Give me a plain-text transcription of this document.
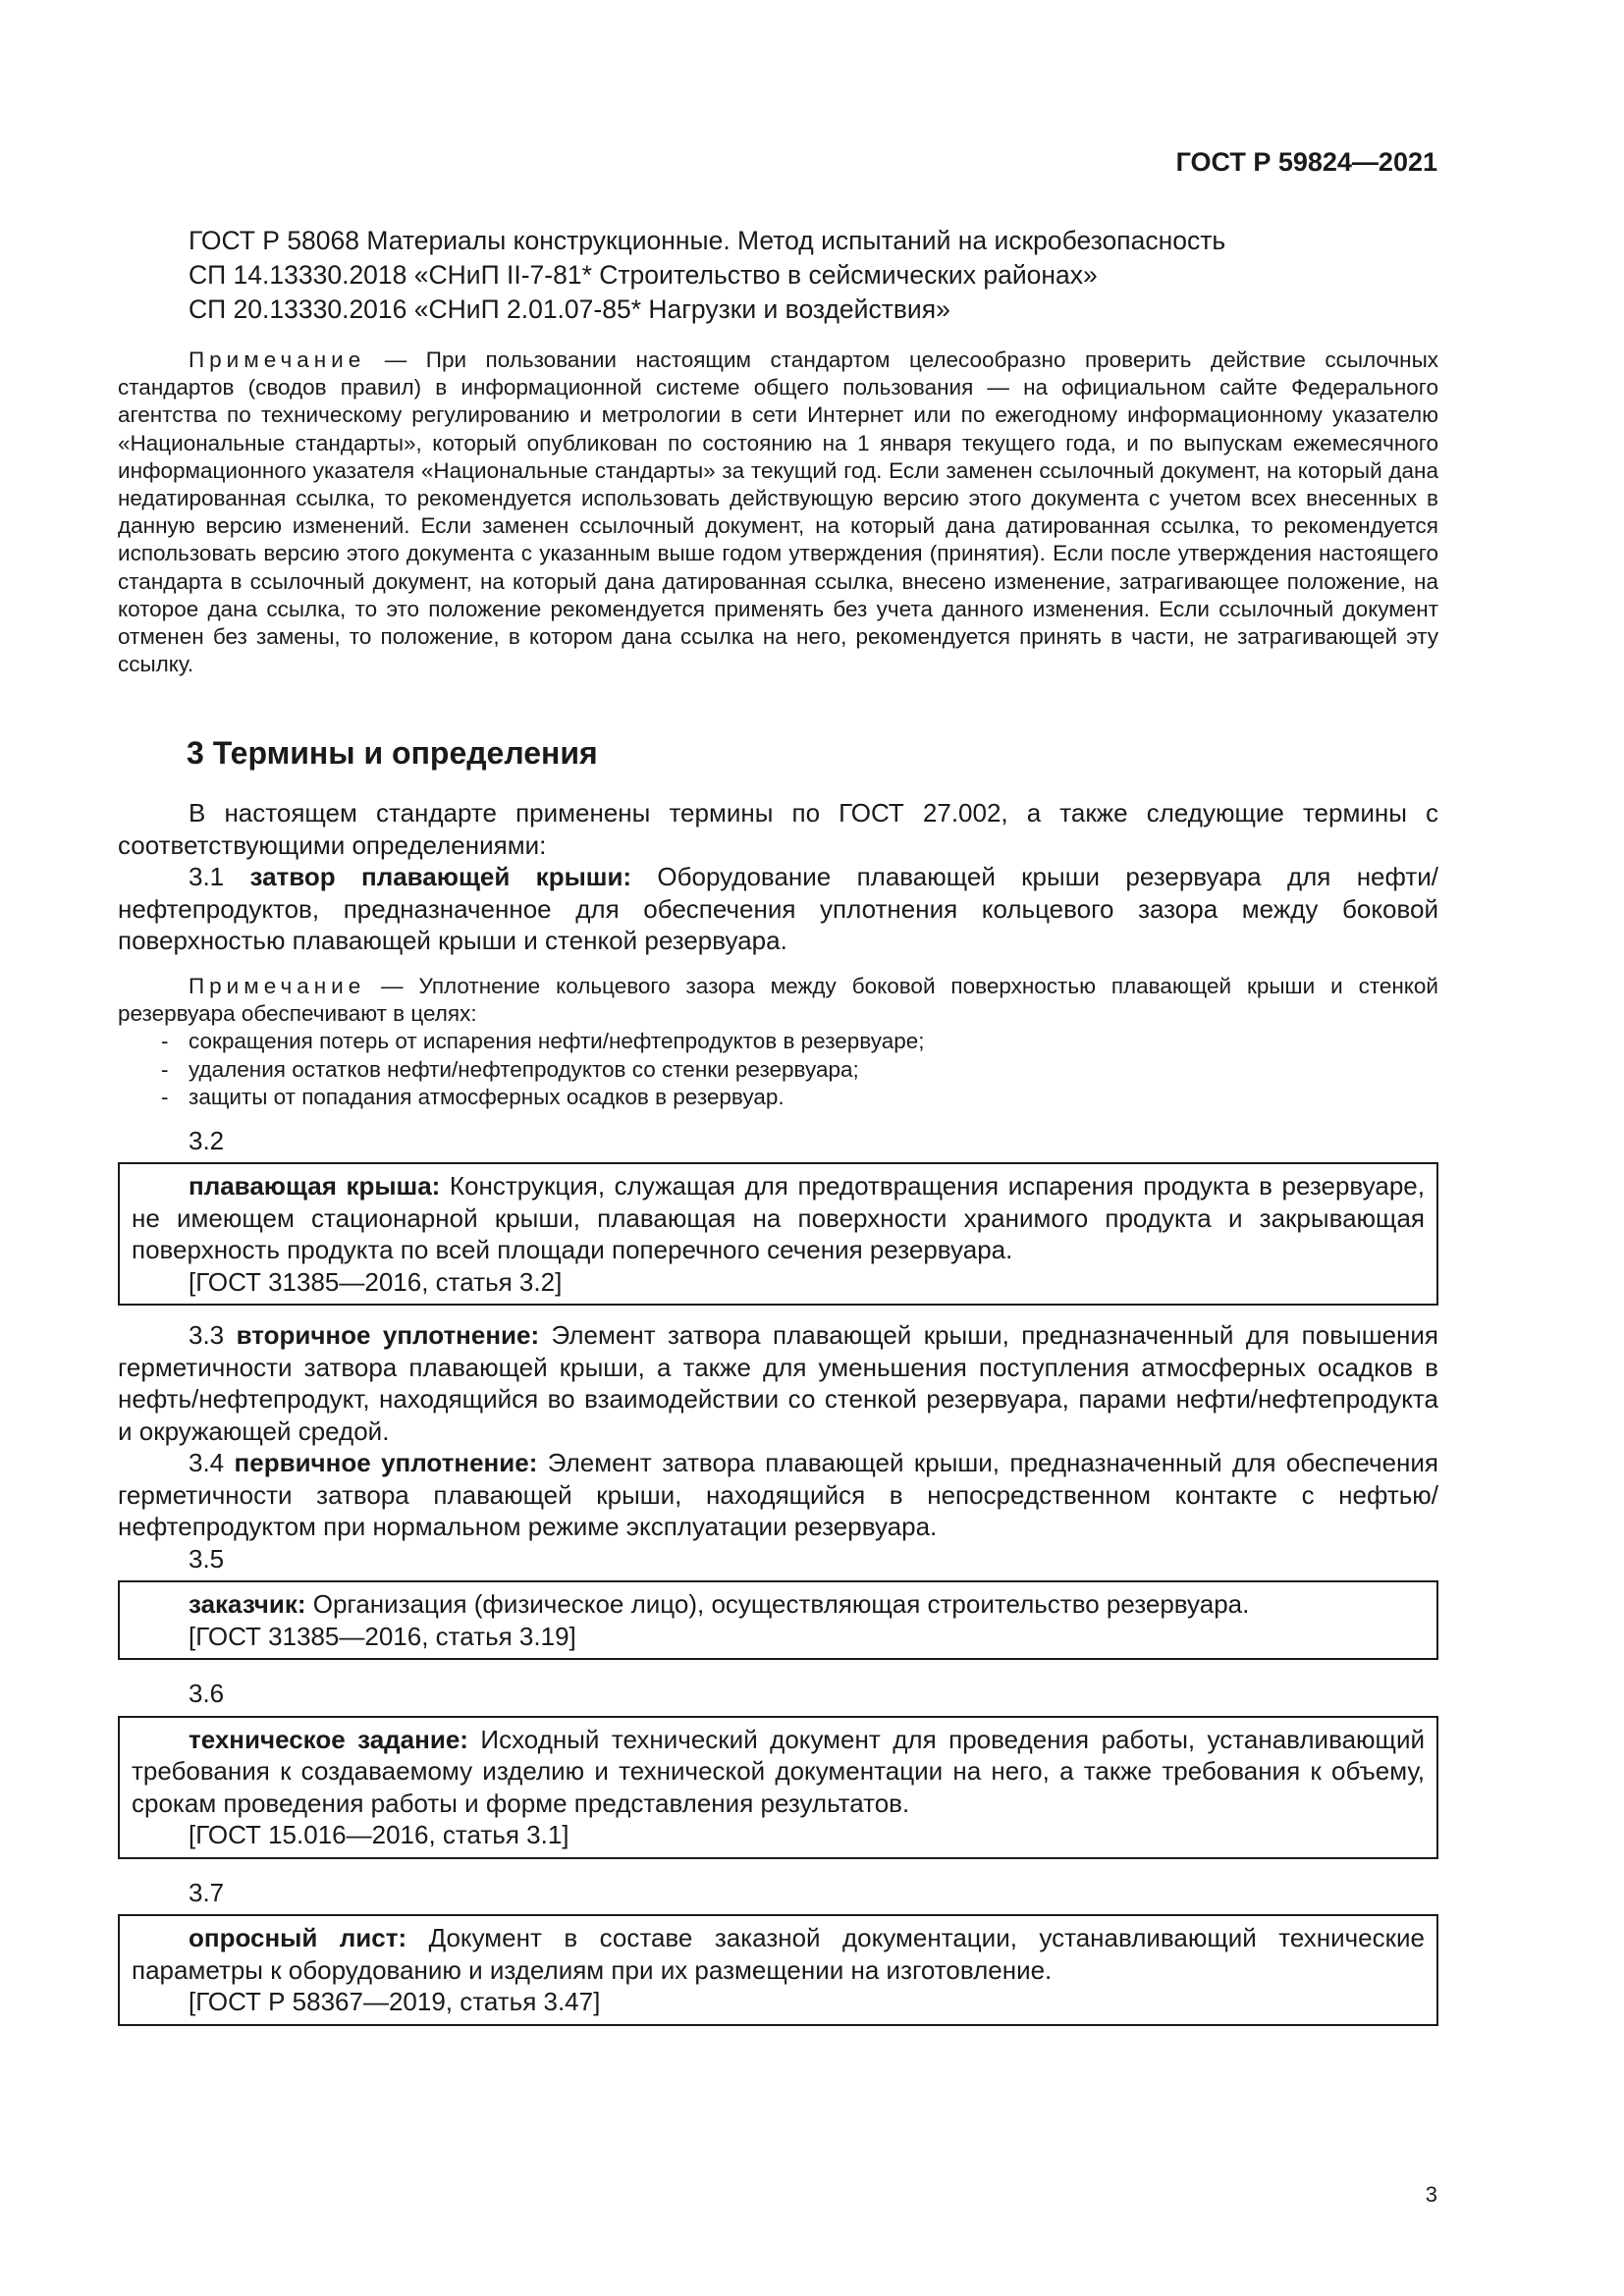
ГОСТ Р 59824—2021

ГОСТ Р 58068 Материалы конструкционные. Метод испытаний на искробезопасность

СП 14.13330.2018 «СНиП II-7-81* Строительство в сейсмических районах»

СП 20.13330.2016 «СНиП 2.01.07-85* Нагрузки и воздействия»

Примечание — При пользовании настоящим стандартом целесообразно проверить действие ссылочных стандартов (сводов правил) в информационной системе общего пользования — на официальном сайте Федерального агентства по техническому регулированию и метрологии в сети Интернет или по ежегодному информационному указателю «Национальные стандарты», который опубликован по состоянию на 1 января текущего года, и по выпускам ежемесячного информационного указателя «Национальные стандарты» за текущий год. Если заменен ссылочный документ, на который дана недатированная ссылка, то рекомендуется использовать действующую версию этого документа с учетом всех внесенных в данную версию изменений. Если заменен ссылочный документ, на который дана датированная ссылка, то рекомендуется использовать версию этого документа с указанным выше годом утверждения (принятия). Если после утверждения настоящего стандарта в ссылочный документ, на который дана датированная ссылка, внесено изменение, затрагивающее положение, на которое дана ссылка, то это положение рекомендуется применять без учета данного изменения. Если ссылочный документ отменен без замены, то положение, в котором дана ссылка на него, рекомендуется принять в части, не затрагивающей эту ссылку.

3 Термины и определения

В настоящем стандарте применены термины по ГОСТ 27.002, а также следующие термины с соответствующими определениями:

3.1 затвор плавающей крыши: Оборудование плавающей крыши резервуара для нефти/нефтепродуктов, предназначенное для обеспечения уплотнения кольцевого зазора между боковой поверхностью плавающей крыши и стенкой резервуара.

Примечание — Уплотнение кольцевого зазора между боковой поверхностью плавающей крыши и стенкой резервуара обеспечивают в целях:

- сокращения потерь от испарения нефти/нефтепродуктов в резервуаре;
- удаления остатков нефти/нефтепродуктов со стенки резервуара;
- защиты от попадания атмосферных осадков в резервуар.
3.2

плавающая крыша: Конструкция, служащая для предотвращения испарения продукта в резервуаре, не имеющем стационарной крыши, плавающая на поверхности хранимого продукта и закрывающая поверхность продукта по всей площади поперечного сечения резервуара.

[ГОСТ 31385—2016, статья 3.2]

3.3 вторичное уплотнение: Элемент затвора плавающей крыши, предназначенный для повышения герметичности затвора плавающей крыши, а также для уменьшения поступления атмосферных осадков в нефть/нефтепродукт, находящийся во взаимодействии со стенкой резервуара, парами нефти/нефтепродукта и окружающей средой.

3.4 первичное уплотнение: Элемент затвора плавающей крыши, предназначенный для обеспечения герметичности затвора плавающей крыши, находящийся в непосредственном контакте с нефтью/нефтепродуктом при нормальном режиме эксплуатации резервуара.

3.5

заказчик: Организация (физическое лицо), осуществляющая строительство резервуара.

[ГОСТ 31385—2016, статья 3.19]

3.6

техническое задание: Исходный технический документ для проведения работы, устанавливающий требования к создаваемому изделию и технической документации на него, а также требования к объему, срокам проведения работы и форме представления результатов.

[ГОСТ 15.016—2016, статья 3.1]

3.7

опросный лист: Документ в составе заказной документации, устанавливающий технические параметры к оборудованию и изделиям при их размещении на изготовление.

[ГОСТ Р 58367—2019, статья 3.47]

3
